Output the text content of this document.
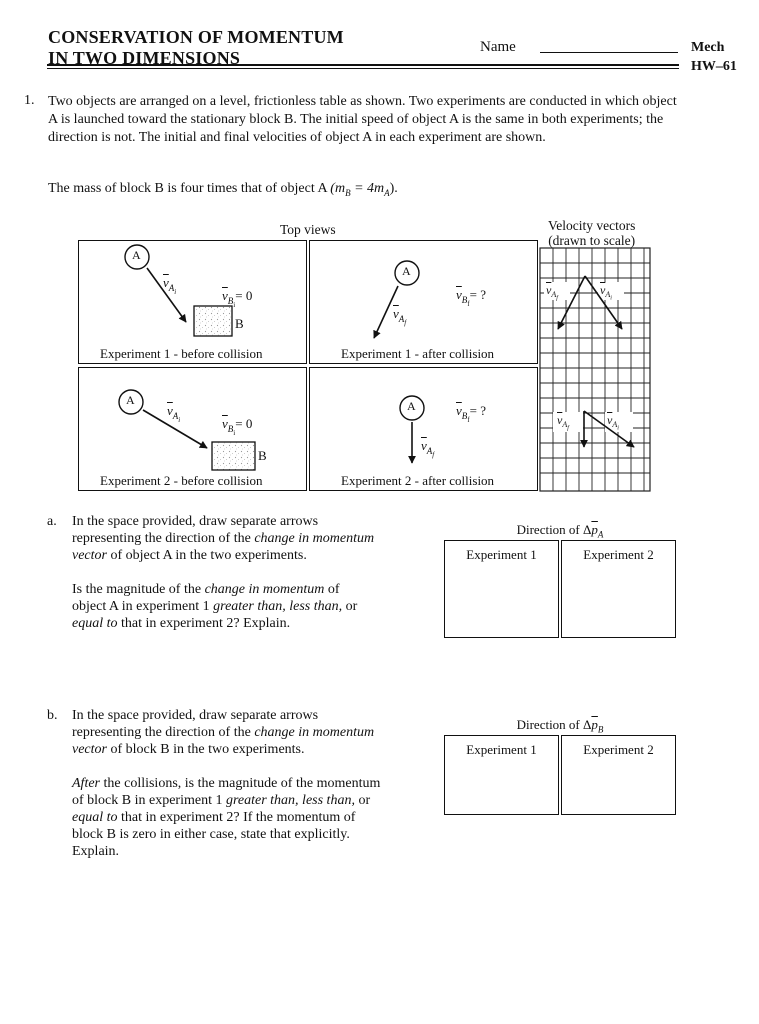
CONSERVATION OF MOMENTUM
IN TWO DIMENSIONS
Name	Mech
HW–61
1. Two objects are arranged on a level, frictionless table as shown. Two experiments are conducted in which object A is launched toward the stationary block B. The initial speed of object A is the same in both experiments; the direction is not. The initial and final velocities of object A in each experiment are shown.
The mass of block B is four times that of object A $(m_B = 4m_A)$.
Top views	Velocity vectors
(drawn to scale)
A
$\overline{v}_{A_i}$	$\overline{v}_{B_i}= 0$
B
Experiment 1 - before collision
A
$\overline{v}_{B_f}=$ ?
$\overline{v}_{A_f}$
Experiment 1 - after collision
A
$\overline{v}_{A_i}$	$\overline{v}_{B_i}= 0$
B
Experiment 2 - before collision
A	$\overline{v}_{B_f}=$ ?
$\overline{v}_{A_f}$
Experiment 2 - after collision
$\overline{v}_{A_f}$
$\overline{v}_{A_i}$
$\overline{v}_{A_f}$
$\overline{v}_{A_i}$
a. In the space provided, draw separate arrows
representing the direction of the change in momentum
vector of object A in the two experiments.
Is the magnitude of the change in momentum of
object A in experiment 1 greater than, less than, or
equal to that in experiment 2? Explain.
Direction of $\Delta\overline{p}_A$
Experiment 1	Experiment 2
b. In the space provided, draw separate arrows
representing the direction of the change in momentum
vector of block B in the two experiments.
After the collisions, is the magnitude of the momentum
of block B in experiment 1 greater than, less than, or
equal to that in experiment 2? If the momentum of
block B is zero in either case, state that explicitly.
Explain.
Direction of $\Delta\overline{p}_B$
Experiment 1	Experiment 2
